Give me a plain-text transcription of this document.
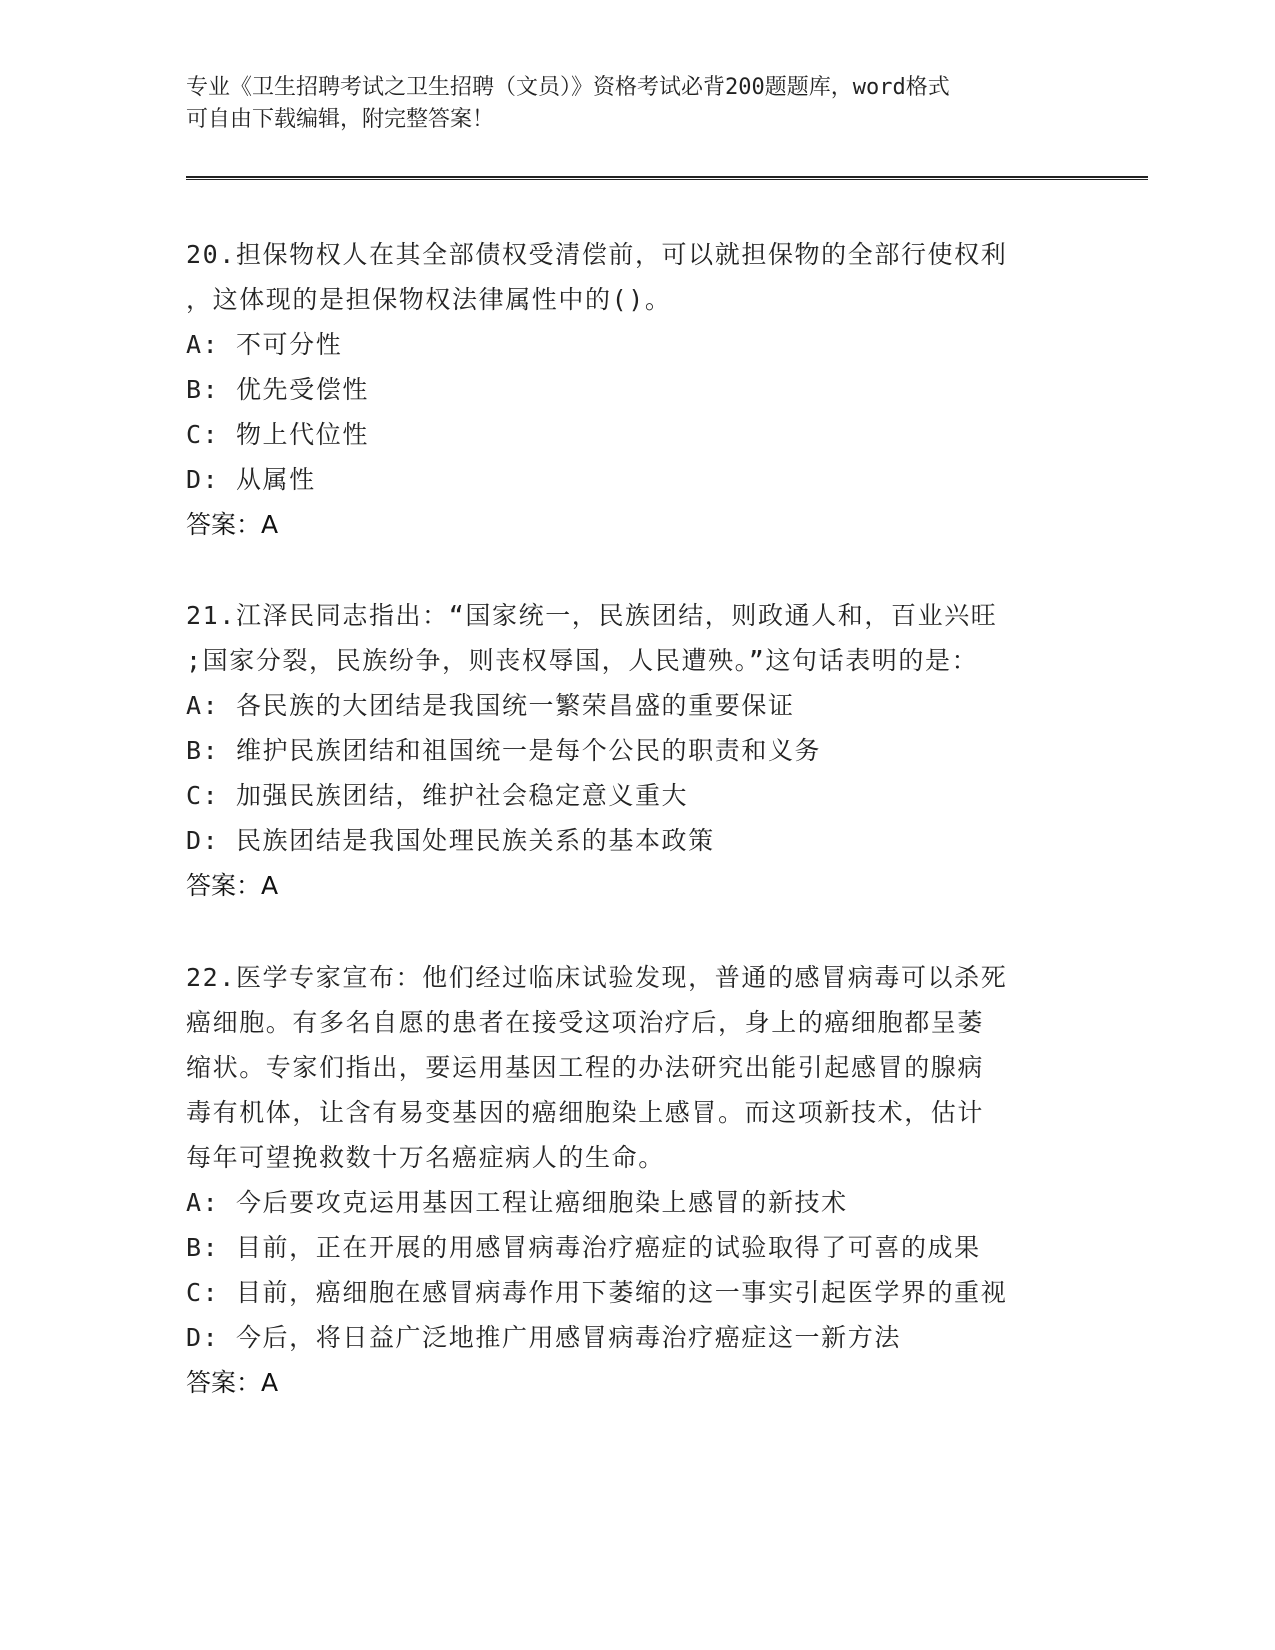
专业《卫生招聘考试之卫生招聘（文员）》资格考试必背200题题库，word格式
可自由下载编辑，附完整答案！
20.担保物权人在其全部债权受清偿前，可以就担保物的全部行使权利
，这体现的是担保物权法律属性中的()。
A: 不可分性
B: 优先受偿性
C: 物上代位性
D: 从属性
答案：A
21.江泽民同志指出：“国家统一，民族团结，则政通人和，百业兴旺
;国家分裂，民族纷争，则丧权辱国，人民遭殃。”这句话表明的是：
A: 各民族的大团结是我国统一繁荣昌盛的重要保证
B: 维护民族团结和祖国统一是每个公民的职责和义务
C: 加强民族团结，维护社会稳定意义重大
D: 民族团结是我国处理民族关系的基本政策
答案：A
22.医学专家宣布：他们经过临床试验发现，普通的感冒病毒可以杀死
癌细胞。有多名自愿的患者在接受这项治疗后，身上的癌细胞都呈萎
缩状。专家们指出，要运用基因工程的办法研究出能引起感冒的腺病
毒有机体，让含有易变基因的癌细胞染上感冒。而这项新技术，估计
每年可望挽救数十万名癌症病人的生命。
A: 今后要攻克运用基因工程让癌细胞染上感冒的新技术
B: 目前，正在开展的用感冒病毒治疗癌症的试验取得了可喜的成果
C: 目前，癌细胞在感冒病毒作用下萎缩的这一事实引起医学界的重视
D: 今后，将日益广泛地推广用感冒病毒治疗癌症这一新方法
答案：A
